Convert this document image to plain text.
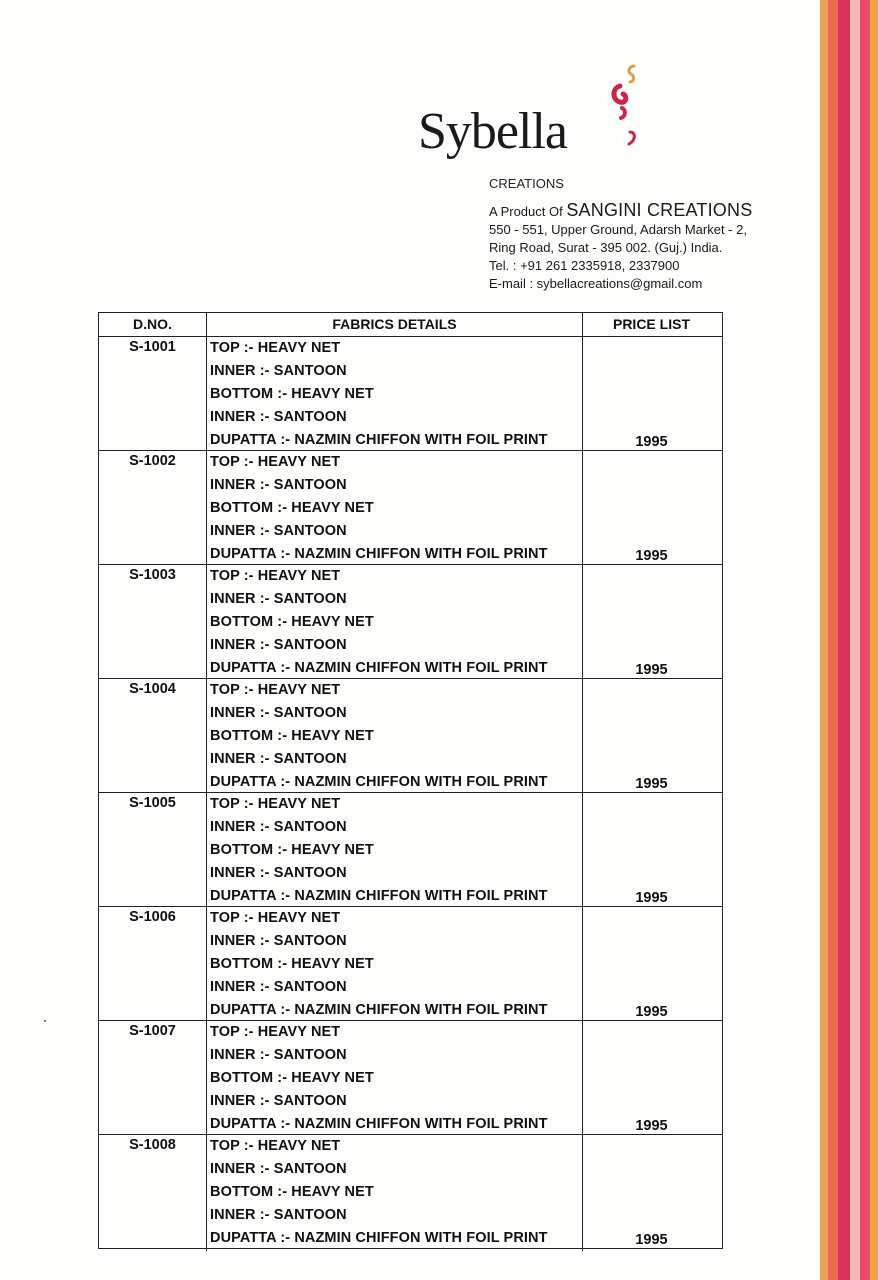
Sybella
CREATIONS
A Product Of SANGINI CREATIONS
550 - 551, Upper Ground, Adarsh Market - 2,
Ring Road, Surat - 395 002. (Guj.) India.
Tel. : +91 261 2335918, 2337900
E-mail : sybellacreations@gmail.com
D.NO.	FABRICS DETAILS	PRICE LIST
S-1001	TOP :- HEAVY NET
INNER :- SANTOON
BOTTOM :- HEAVY NET
INNER :- SANTOON
DUPATTA :- NAZMIN CHIFFON WITH FOIL PRINT	1995
S-1002	TOP :- HEAVY NET
INNER :- SANTOON
BOTTOM :- HEAVY NET
INNER :- SANTOON
DUPATTA :- NAZMIN CHIFFON WITH FOIL PRINT	1995
S-1003	TOP :- HEAVY NET
INNER :- SANTOON
BOTTOM :- HEAVY NET
INNER :- SANTOON
DUPATTA :- NAZMIN CHIFFON WITH FOIL PRINT	1995
S-1004	TOP :- HEAVY NET
INNER :- SANTOON
BOTTOM :- HEAVY NET
INNER :- SANTOON
DUPATTA :- NAZMIN CHIFFON WITH FOIL PRINT	1995
S-1005	TOP :- HEAVY NET
INNER :- SANTOON
BOTTOM :- HEAVY NET
INNER :- SANTOON
DUPATTA :- NAZMIN CHIFFON WITH FOIL PRINT	1995
S-1006	TOP :- HEAVY NET
INNER :- SANTOON
BOTTOM :- HEAVY NET
INNER :- SANTOON
DUPATTA :- NAZMIN CHIFFON WITH FOIL PRINT	1995
S-1007	TOP :- HEAVY NET
INNER :- SANTOON
BOTTOM :- HEAVY NET
INNER :- SANTOON
DUPATTA :- NAZMIN CHIFFON WITH FOIL PRINT	1995
S-1008	TOP :- HEAVY NET
INNER :- SANTOON
BOTTOM :- HEAVY NET
INNER :- SANTOON
DUPATTA :- NAZMIN CHIFFON WITH FOIL PRINT	1995
